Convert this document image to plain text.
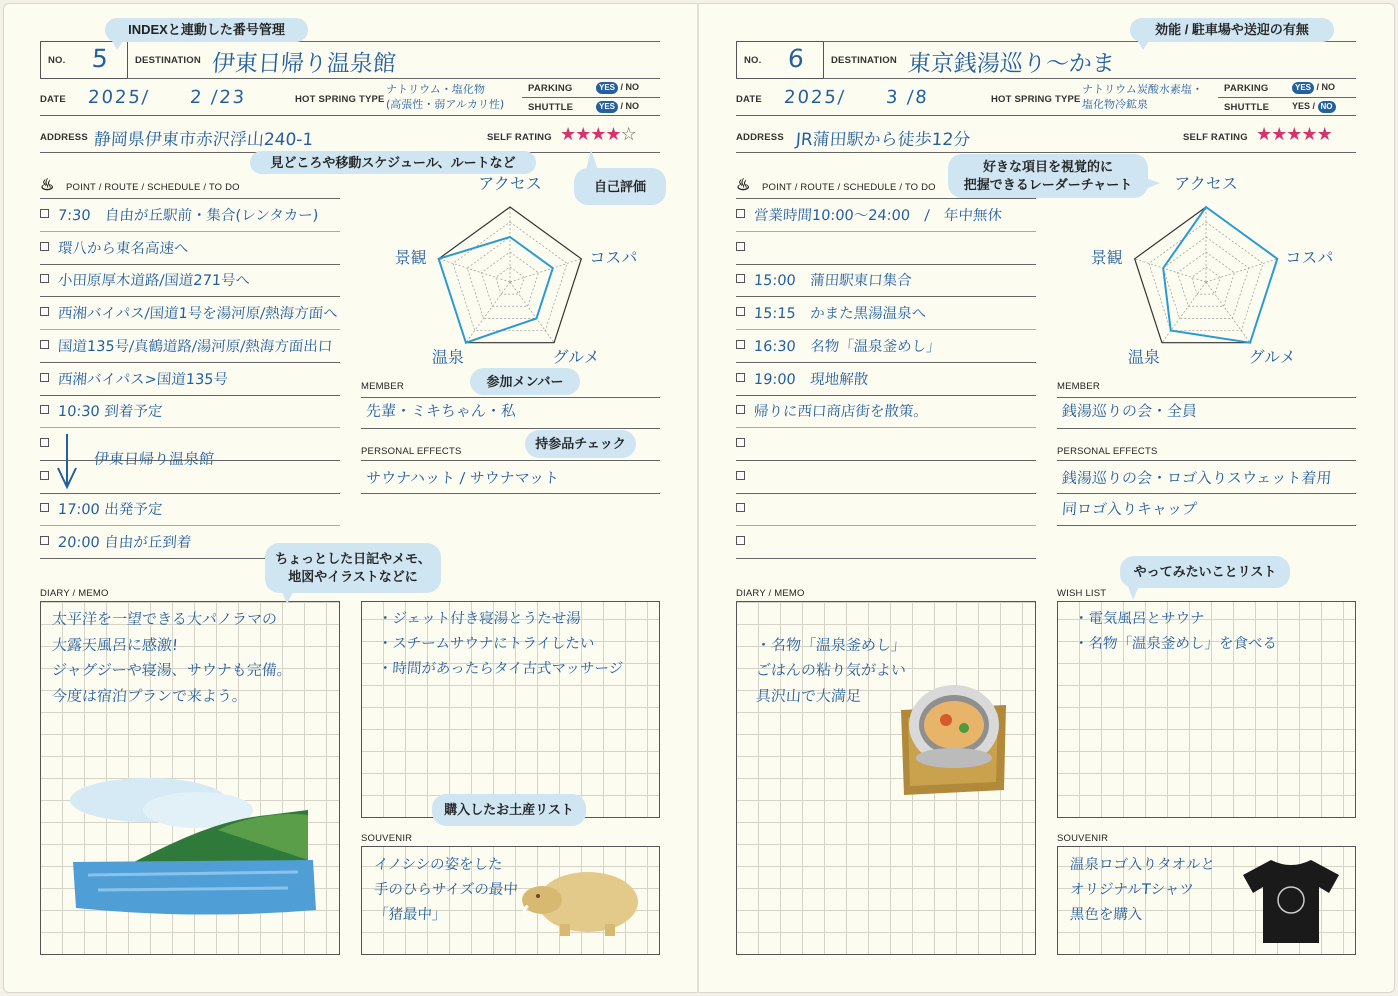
NO. 5	DESTINATION 伊東日帰り温泉館
DATE 2025/ 2 /23	HOT SPRING TYPE
ナトリウム・塩化物
(高張性・弱アルカリ性)
PARKING	YES / NO
SHUTTLE	YES / NO
ADDRESS 静岡県伊東市赤沢浮山240-1	SELF RATING ★★★★☆
♨ POINT / ROUTE / SCHEDULE / TO DO
7:30　自由が丘駅前・集合(レンタカー)
環八から東名高速へ
小田原厚木道路/国道271号へ
西湘バイパス/国道1号を湯河原/熱海方面へ
国道135号/真鶴道路/湯河原/熱海方面出口
西湘バイパス>国道135号
10:30 到着予定
17:00 出発予定
20:00 自由が丘到着
伊東日帰り温泉館
アクセス
コスパ
グルメ
温泉
景観
MEMBER
先輩・ミキちゃん・私
PERSONAL EFFECTS
サウナハット / サウナマット
DIARY / MEMO
太平洋を一望できる大パノラマの
大露天風呂に感激!
ジャグジーや寝湯、サウナも完備。
今度は宿泊プランで来よう。
・ジェット付き寝湯とうたせ湯
・スチームサウナにトライしたい
・時間があったらタイ古式マッサージ
SOUVENIR
イノシシの姿をした
手のひらサイズの最中
「猪最中」
NO. 6	DESTINATION 東京銭湯巡り〜かま
DATE 2025/ 3 /8	HOT SPRING TYPE
ナトリウム炭酸水素塩・
塩化物冷鉱泉
PARKING	YES / NO
SHUTTLE	YES / NO
ADDRESS JR蒲田駅から徒歩12分	SELF RATING ★★★★★
♨ POINT / ROUTE / SCHEDULE / TO DO
営業時間10:00〜24:00　/　年中無休
15:00　蒲田駅東口集合
15:15　かまた黒湯温泉へ
16:30　名物「温泉釜めし」
19:00　現地解散
帰りに西口商店街を散策。
アクセス
コスパ
グルメ
温泉
景観
MEMBER
銭湯巡りの会・全員
PERSONAL EFFECTS
銭湯巡りの会・ロゴ入りスウェット着用
同ロゴ入りキャップ
DIARY / MEMO
・名物「温泉釜めし」
ごはんの粘り気がよい
具沢山で大満足
WISH LIST
・電気風呂とサウナ
・名物「温泉釜めし」を食べる
SOUVENIR
温泉ロゴ入りタオルと
オリジナルTシャツ
黒色を購入
INDEXと連動した番号管理
見どころや移動スケジュール、ルートなど
自己評価
参加メンバー
持参品チェック
ちょっとした日記やメモ、
地図やイラストなどに
購入したお土産リスト
効能 / 駐車場や送迎の有無
好きな項目を視覚的に
把握できるレーダーチャート
やってみたいことリスト
